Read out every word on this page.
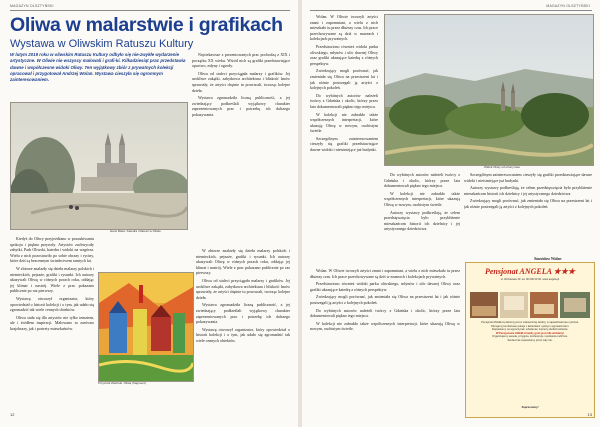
MAGAZYN OLSZTYŃSKI
Oliwa w malarstwie i grafikach
Wystawa w Oliwskim Ratuszu Kultury
W lutym 2019 roku w oliwskim Ratuszu Kultury odbyło się nie-zwykłe wydarzenie artystyczne. W Oliwie nie wszyscy malowali i grafi-ki. Kilkadziesiąt prac przedstawia dawne i współczesne widoki Oliwy. Ten wyjątkowy zbiór z prywatnych kolekcji opracował i przygotował Andrzej Wolan. Wystawa cieszyła się ogromnym zainteresowaniem.
Hans Mass, Katedra i Ratusz w Oliwie

Najciekawsze z prezentowanych prac pochodzą z XIX i początku XX wieku. Wśród nich są grafiki przedstawiające opactwo, młyny i ogrody.

Oliwa od stuleci przyciągała malarzy i grafików. Jej urokliwe zakątki, zabytkowa architektura i bliskość lasów sprawiały, że artyści chętnie tu powracali, tworząc kolejne dzieła.

Wystawa zgromadziła liczną publiczność, a jej zwiedzający podkreślali wyjątkowy charakter zaprezentowanych prac i potrzebę ich dalszego pokazywania.

Kiedyś do Oliwy przyjeżdżano w poszukiwaniu spokoju i piękna przyrody. Artystów zachwycały zabytki, Park Oliwski, katedra i widoki na wzgórza. Wielu z nich pozostawiło po sobie obrazy i ryciny, które dziś są bezcennym świadectwem tamtych lat.

W zbiorze znalazły się dzieła malarzy polskich i niemieckich, pejzaże, grafiki i rysunki. Ich autorzy ukazywali Oliwę w różnych porach roku, oddając jej klimat i nastrój. Wiele z prac pokazano publicznie po raz pierwszy.

Wystawę otworzył organizator, który opowiedział o historii kolekcji i o tym, jak udało się zgromadzić tak wiele cennych obiektów.

Oliwa stała się dla artystów nie tylko tematem, ale i źródłem inspiracji. Malowano tu zarówno krajobrazy, jak i portrety mieszkańców.

Krzysztof Zieliński, Oliwa (fragment)

W zbiorze znalazły się dzieła malarzy polskich i niemieckich, pejzaże, grafiki i rysunki. Ich autorzy ukazywali Oliwę w różnych porach roku, oddając jej klimat i nastrój. Wiele z prac pokazano publicznie po raz pierwszy.

Oliwa od stuleci przyciągała malarzy i grafików. Jej urokliwe zakątki, zabytkowa architektura i bliskość lasów sprawiały, że artyści chętnie tu powracali, tworząc kolejne dzieła.

Wystawa zgromadziła liczną publiczność, a jej zwiedzający podkreślali wyjątkowy charakter zaprezentowanych prac i potrzebę ich dalszego pokazywania.

Wystawę otworzył organizator, który opowiedział o historii kolekcji i o tym, jak udało się zgromadzić tak wiele cennych obiektów.

12
MAGAZYN OLSZTYŃSKI

Wolan. W Oliwie tworzyli artyści znani i zapomniani, a wielu z nich mieszkało tu przez dłuższy czas. Ich prace przechowywane są dziś w muzeach i kolekcjach prywatnych.

Przedstawiono również widoki parku oliwskiego, młynów i ulic dawnej Oliwy oraz grafiki ukazujące katedrę z różnych perspektyw.

Zwiedzający mogli porównać, jak zmieniała się Oliwa na przestrzeni lat i jak różnie postrzegali ją artyści z kolejnych pokoleń.

Do wybitnych autorów należeli twórcy z Gdańska i okolic, którzy przez lata dokumentowali piękno tego miejsca.

W kolekcji nie zabrakło także współczesnych interpretacji, które ukazują Oliwę w nowym, osobistym świetle.

Szczególnym zainteresowaniem cieszyły się grafiki przedstawiające dawne widoki i nieistniejące już budynki.

Widok Oliwy od strony lasu

Do wybitnych autorów należeli twórcy z Gdańska i okolic, którzy przez lata dokumentowali piękno tego miejsca.

W kolekcji nie zabrakło także współczesnych interpretacji, które ukazują Oliwę w nowym, osobistym świetle.

Autorzy wystawy podkreślają, że celem przedsięwzięcia było przybliżenie mieszkańcom historii ich dzielnicy i jej artystycznego dziedzictwa.

Szczególnym zainteresowaniem cieszyły się grafiki przedstawiające dawne widoki i nieistniejące już budynki.

Autorzy wystawy podkreślają, że celem przedsięwzięcia było przybliżenie mieszkańcom historii ich dzielnicy i jej artystycznego dziedzictwa.

Zwiedzający mogli porównać, jak zmieniała się Oliwa na przestrzeni lat i jak różnie postrzegali ją artyści z kolejnych pokoleń.

Stanisław Wolan

Wolan. W Oliwie tworzyli artyści znani i zapomniani, a wielu z nich mieszkało tu przez dłuższy czas. Ich prace przechowywane są dziś w muzeach i kolekcjach prywatnych.

Przedstawiono również widoki parku oliwskiego, młynów i ulic dawnej Oliwy oraz grafiki ukazujące katedrę z różnych perspektyw.

Zwiedzający mogli porównać, jak zmieniała się Oliwa na przestrzeni lat i jak różnie postrzegali ją artyści z kolejnych pokoleń.

Do wybitnych autorów należeli twórcy z Gdańska i okolic, którzy przez lata dokumentowali piękno tego miejsca.

W kolekcji nie zabrakło także współczesnych interpretacji, które ukazują Oliwę w nowym, osobistym świetle.

Pensjonat ANGELA ★★★
ul. Wczasowa 10, tel. 00 000 00 00, www.angela.pl
Pensjonat ANGELA położony jest w malowniczej okolicy, w sąsiedztwie lasu i jeziora.
Oferujemy komfortowe pokoje z łazienkami i pełnym wyposażeniem.
Zapraszamy na wypoczynek, szkolenia i imprezy okolicznościowe.
W Pensjonacie ANGELA każdy gość jest mile widziany!
Organizujemy wesela, przyjęcia, konferencje i spotkania rodzinne.
Serdecznie zapraszamy przez cały rok.
Zapraszamy!
13
